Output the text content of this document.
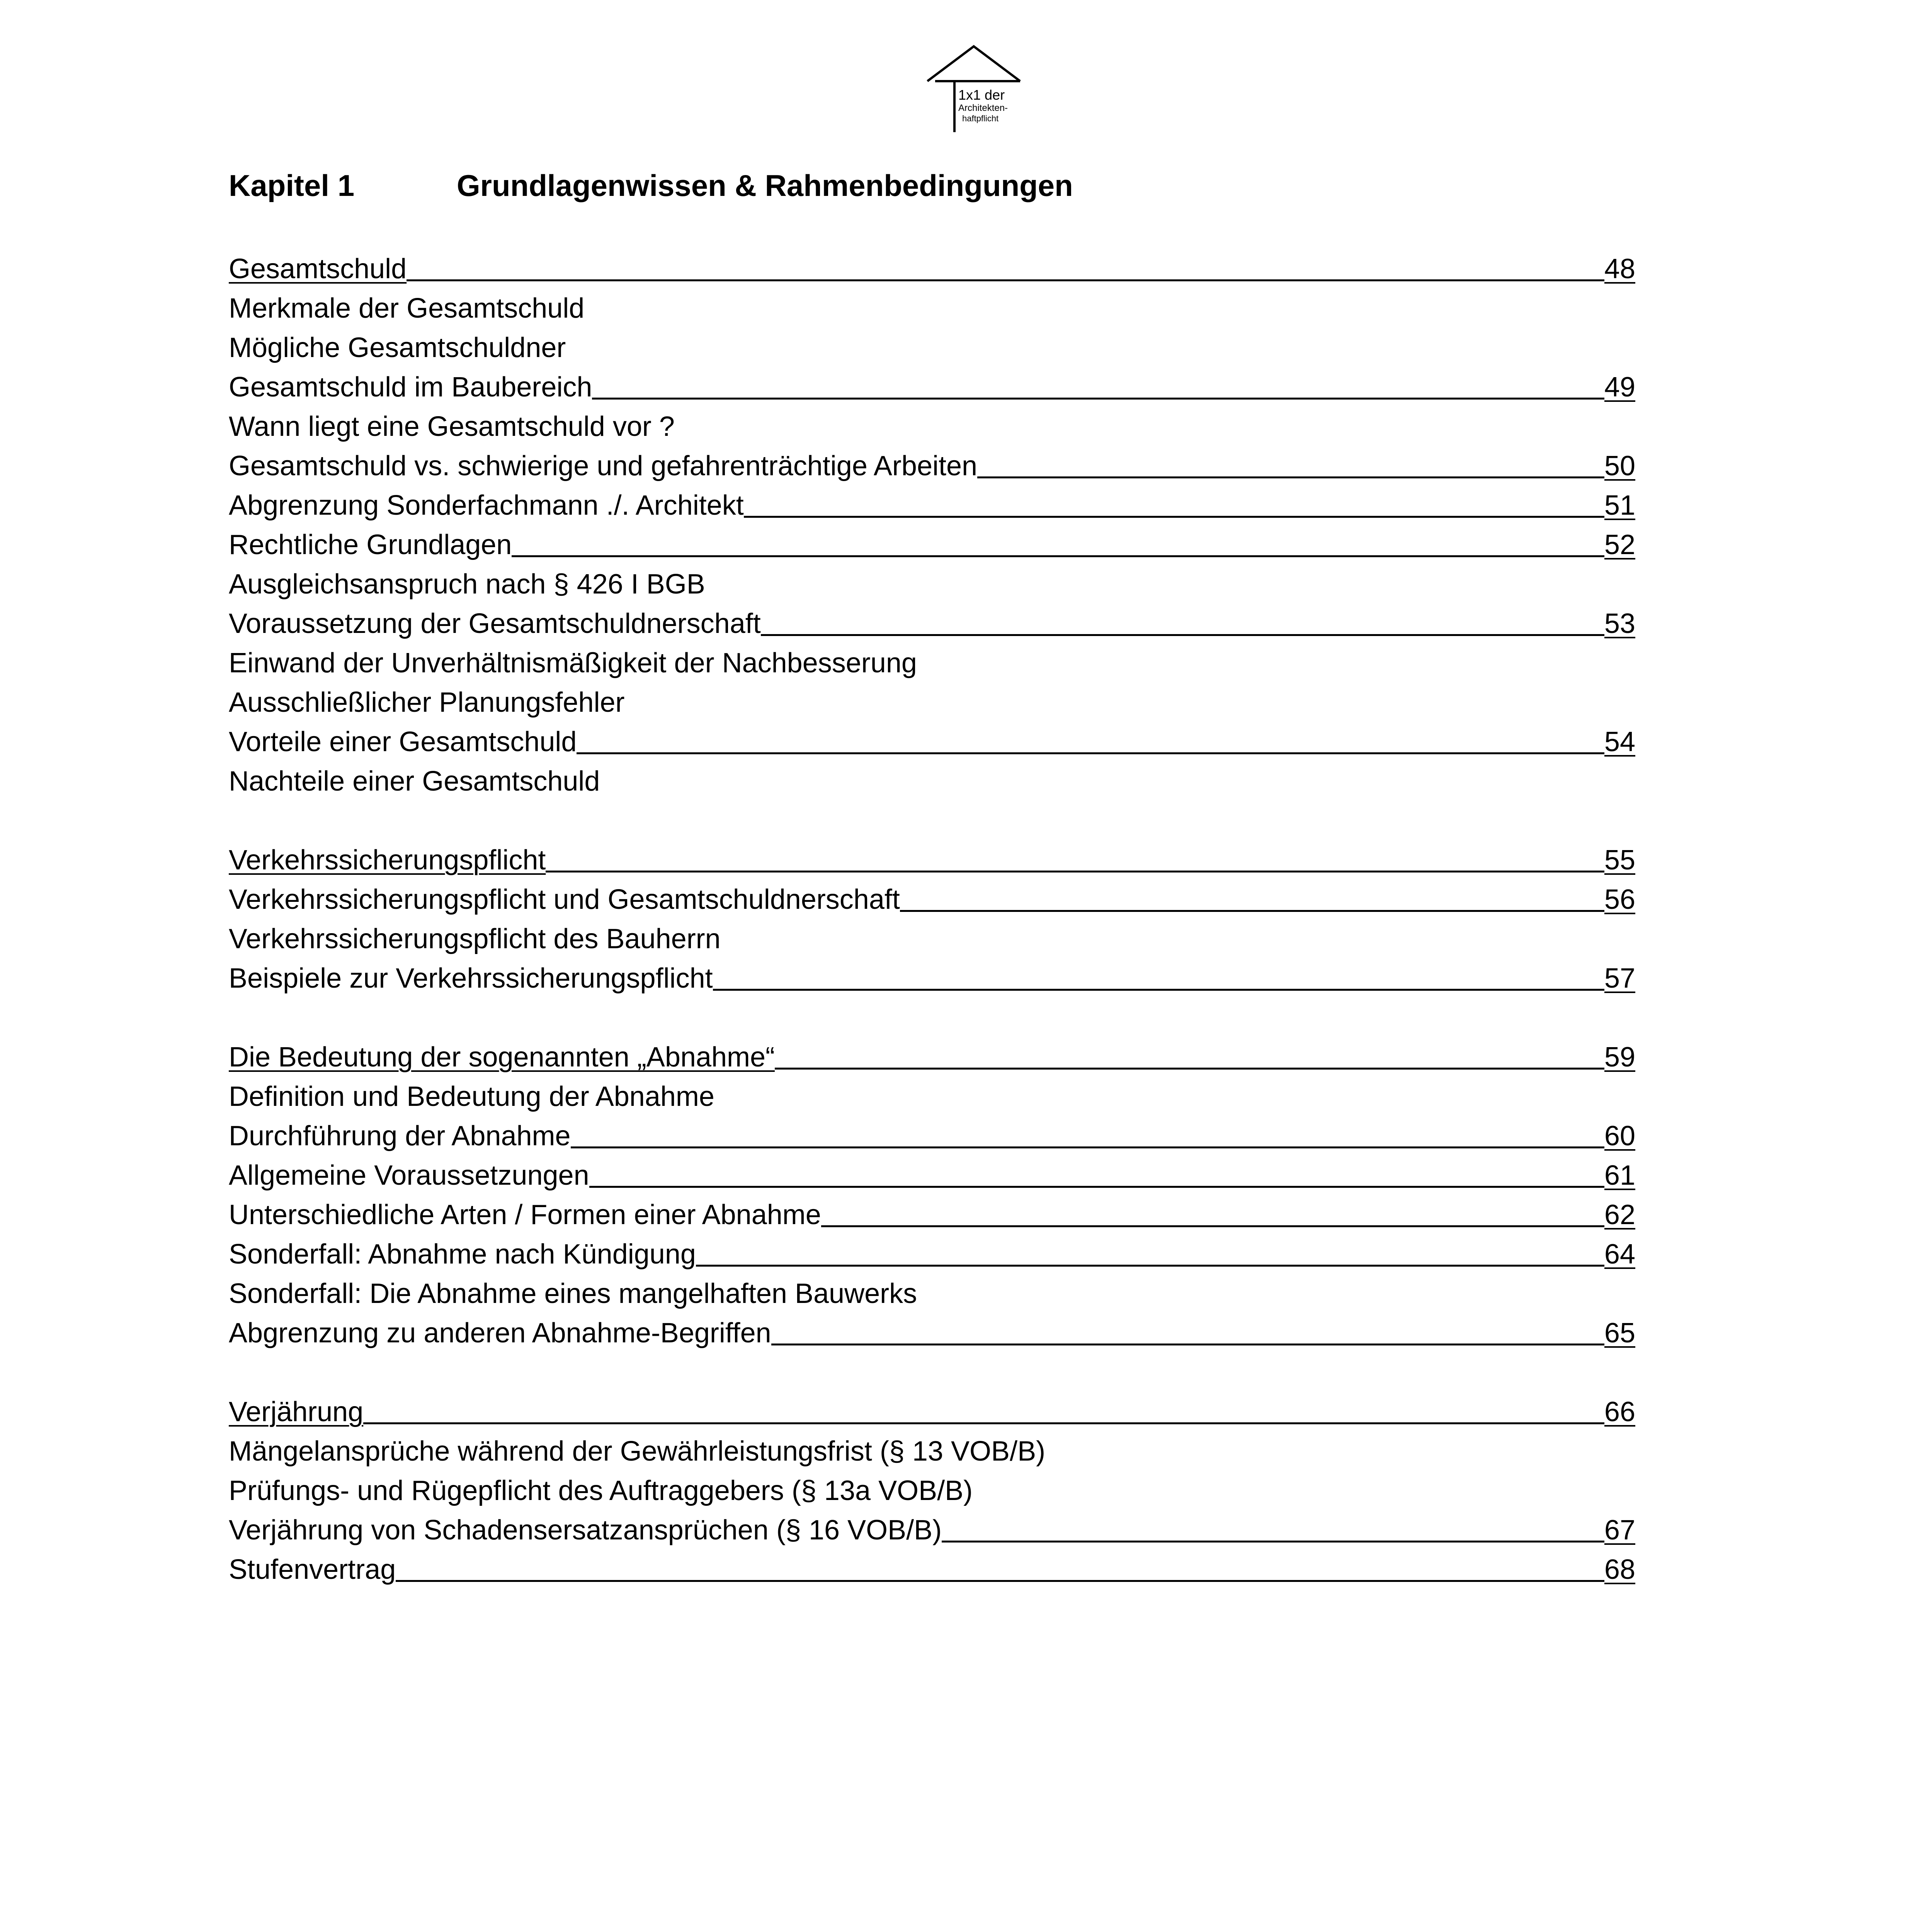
1x1 der
Architekten-
haftpflicht
Kapitel 1	Grundlagenwissen & Rahmenbedingungen
Gesamtschuld	48
Merkmale der Gesamtschuld
Mögliche Gesamtschuldner
Gesamtschuld im Baubereich	49
Wann liegt eine Gesamtschuld vor ?
Gesamtschuld vs. schwierige und gefahrenträchtige Arbeiten	50
Abgrenzung Sonderfachmann ./. Architekt	51
Rechtliche Grundlagen	52
Ausgleichsanspruch nach § 426 I BGB
Voraussetzung der Gesamtschuldnerschaft	53
Einwand der Unverhältnismäßigkeit der Nachbesserung
Ausschließlicher Planungsfehler
Vorteile einer Gesamtschuld	54
Nachteile einer Gesamtschuld
Verkehrssicherungspflicht	55
Verkehrssicherungspflicht und Gesamtschuldnerschaft	56
Verkehrssicherungspflicht des Bauherrn
Beispiele zur Verkehrssicherungspflicht	57
Die Bedeutung der sogenannten „Abnahme“	59
Definition und Bedeutung der Abnahme
Durchführung der Abnahme	60
Allgemeine Voraussetzungen	61
Unterschiedliche Arten / Formen einer Abnahme	62
Sonderfall: Abnahme nach Kündigung	64
Sonderfall: Die Abnahme eines mangelhaften Bauwerks
Abgrenzung zu anderen Abnahme-Begriffen	65
Verjährung	66
Mängelansprüche während der Gewährleistungsfrist (§ 13 VOB/B)
Prüfungs- und Rügepflicht des Auftraggebers (§ 13a VOB/B)
Verjährung von Schadensersatzansprüchen (§ 16 VOB/B)	67
Stufenvertrag	68
